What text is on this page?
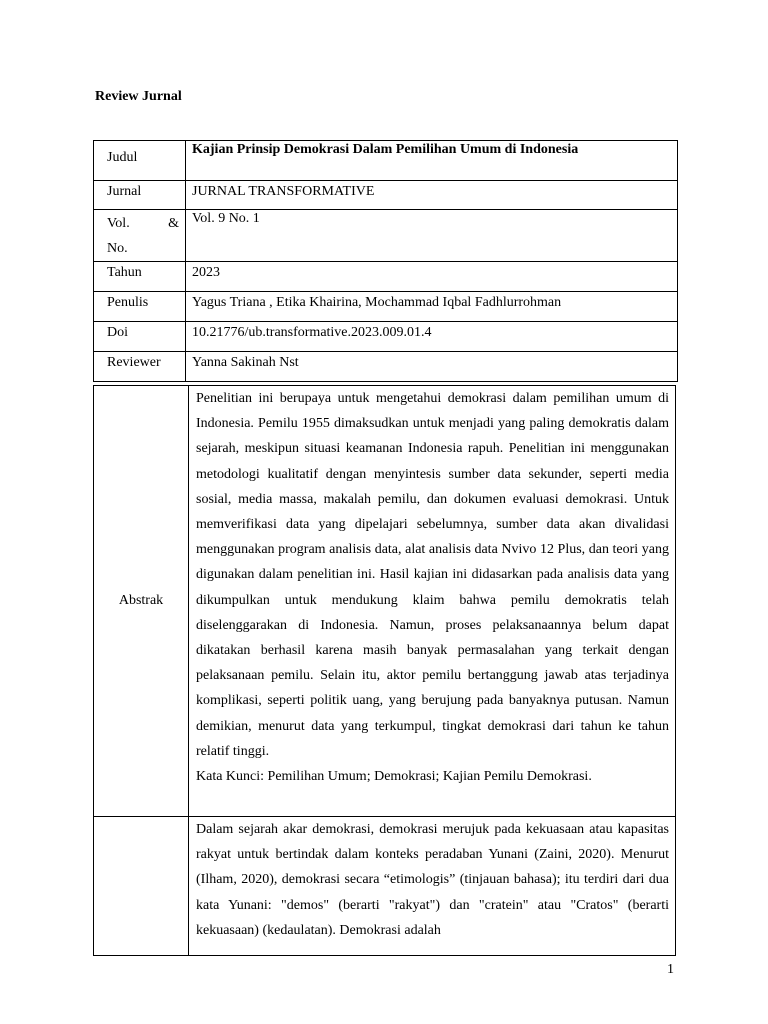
Review Jurnal
Judul	Kajian Prinsip Demokrasi Dalam Pemilihan Umum di Indonesia
Jurnal	JURNAL TRANSFORMATIVE

Vol. &
No.	Vol. 9 No. 1
Tahun	2023
Penulis	Yagus Triana , Etika Khairina, Mochammad Iqbal Fadhlurrohman
Doi	10.21776/ub.transformative.2023.009.01.4
Reviewer	Yanna Sakinah Nst
Abstrak	Penelitian ini berupaya untuk mengetahui demokrasi dalam pemilihan umum di Indonesia. Pemilu 1955 dimaksudkan untuk menjadi yang paling demokratis dalam sejarah, meskipun situasi keamanan Indonesia rapuh. Penelitian ini menggunakan metodologi kualitatif dengan menyintesis sumber data sekunder, seperti media sosial, media massa, makalah pemilu, dan dokumen evaluasi demokrasi. Untuk memverifikasi data yang dipelajari sebelumnya, sumber data akan divalidasi menggunakan program analisis data, alat analisis data Nvivo 12 Plus, dan teori yang digunakan dalam penelitian ini. Hasil kajian ini didasarkan pada analisis data yang dikumpulkan untuk mendukung klaim bahwa pemilu demokratis telah diselenggarakan di Indonesia. Namun, proses pelaksanaannya belum dapat dikatakan berhasil karena masih banyak permasalahan yang terkait dengan pelaksanaan pemilu. Selain itu, aktor pemilu bertanggung jawab atas terjadinya komplikasi, seperti politik uang, yang berujung pada banyaknya putusan. Namun demikian, menurut data yang terkumpul, tingkat demokrasi dari tahun ke tahun relatif tinggi.

Kata Kunci: Pemilihan Umum; Demokrasi; Kajian Pemilu Demokrasi.

	Dalam sejarah akar demokrasi, demokrasi merujuk pada kekuasaan atau kapasitas rakyat untuk bertindak dalam konteks peradaban Yunani (Zaini, 2020). Menurut (Ilham, 2020), demokrasi secara “etimologis” (tinjauan bahasa); itu terdiri dari dua kata Yunani: "demos" (berarti "rakyat") dan "cratein" atau "Cratos" (berarti kekuasaan) (kedaulatan). Demokrasi adalah

1
